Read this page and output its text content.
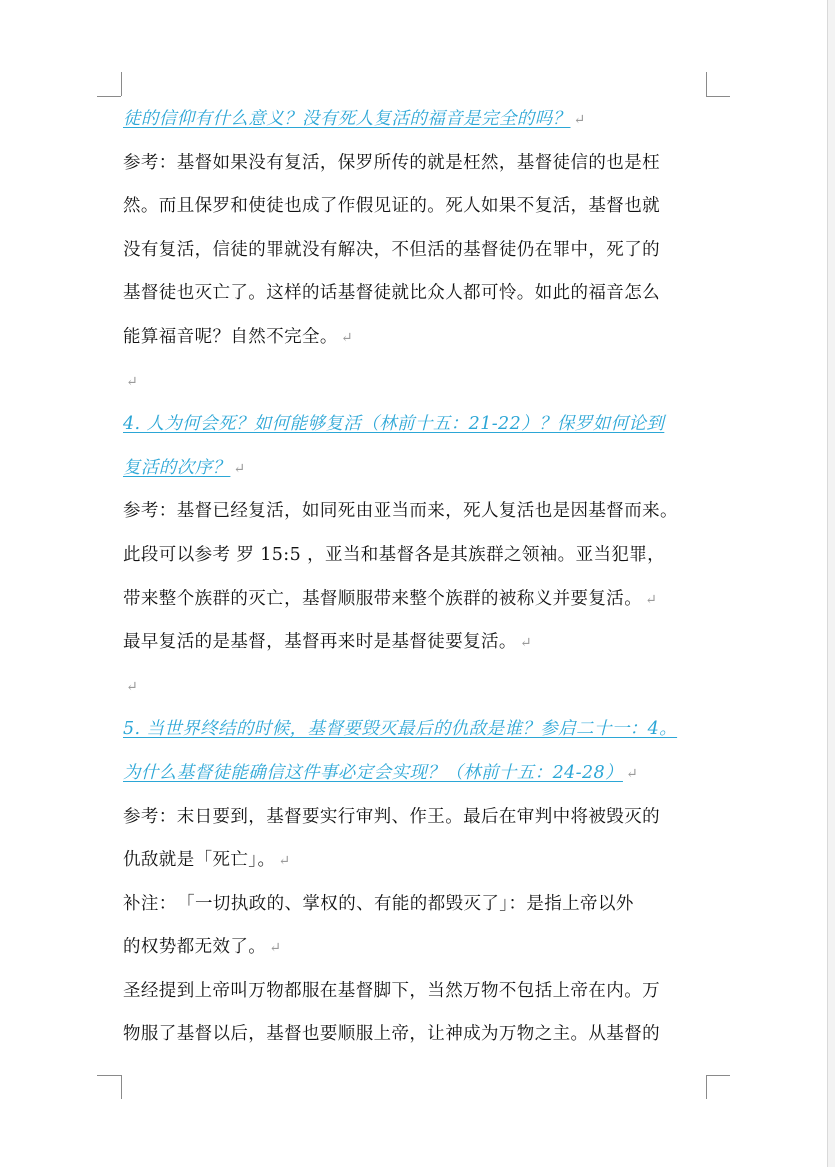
徒的信仰有什么意义？没有死人复活的福音是完全的吗？ ↵
参考：基督如果没有复活，保罗所传的就是枉然，基督徒信的也是枉
然。而且保罗和使徒也成了作假见证的。死人如果不复活，基督也就
没有复活，信徒的罪就没有解决，不但活的基督徒仍在罪中，死了的
基督徒也灭亡了。这样的话基督徒就比众人都可怜。如此的福音怎么
能算福音呢？自然不完全。 ↵
↵
4. 人为何会死？如何能够复活（林前十五：21-22）？保罗如何论到
复活的次序？ ↵
参考：基督已经复活，如同死由亚当而来，死人复活也是因基督而来。
此段可以参考 罗 15:5 ，亚当和基督各是其族群之领袖。亚当犯罪，
带来整个族群的灭亡，基督顺服带来整个族群的被称义并要复活。 ↵
最早复活的是基督，基督再来时是基督徒要复活。 ↵
↵
5. 当世界终结的时候，基督要毁灭最后的仇敌是谁？参启二十一：4。
为什么基督徒能确信这件事必定会实现？（林前十五：24-28） ↵
参考：末日要到，基督要实行审判、作王。最后在审判中将被毁灭的
仇敌就是「死亡」。 ↵
补注：　「一切执政的、掌权的、有能的都毁灭了」：是指上帝以外
的权势都无效了。 ↵
圣经提到上帝叫万物都服在基督脚下，当然万物不包括上帝在内。万
物服了基督以后，基督也要顺服上帝，让神成为万物之主。从基督的
